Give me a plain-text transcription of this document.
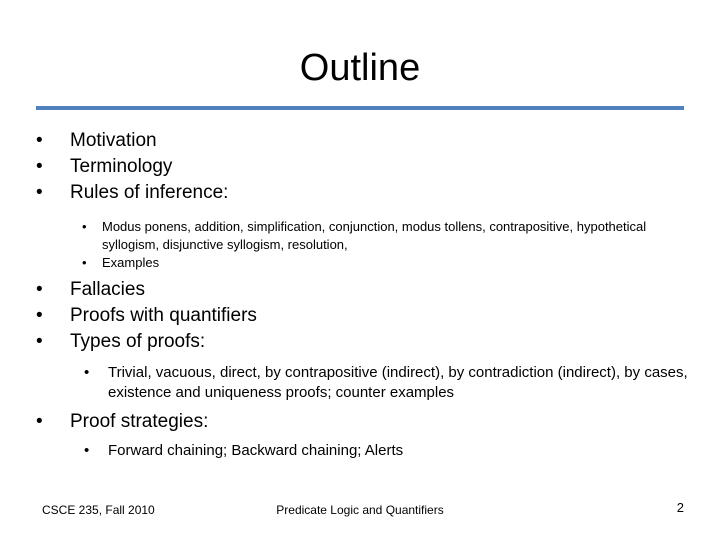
Outline
• Motivation
• Terminology
• Rules of inference:
• Modus ponens, addition, simplification, conjunction, modus tollens, contrapositive, hypothetical syllogism, disjunctive syllogism, resolution,
• Examples
• Fallacies
• Proofs with quantifiers
• Types of proofs:
• Trivial, vacuous, direct, by contrapositive (indirect), by contradiction (indirect), by cases, existence and uniqueness proofs; counter examples
• Proof strategies:
• Forward chaining; Backward chaining; Alerts
CSCE 235, Fall 2010	Predicate Logic and Quantifiers	2
